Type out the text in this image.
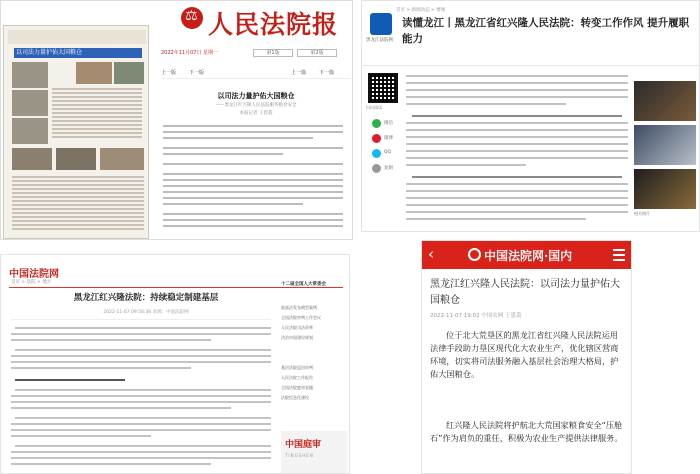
⚖
人民法院报
以司法力量护佑大国粮仓	2022年11月07日 星期一	第1版	第2版
上一版	下一版	上一篇	下一篇
以司法力量护佑大国粮仓
——黑龙江红兴隆人民法院服务粮食安全
本报记者 王恩荔
首页 > 新闻动态 > 要闻
黑龙江法院网
读懂龙江丨黑龙江省红兴隆人民法院：转变工作作风 提升履职能力
扫码阅读
微信
微博
QQ
复制
相关图片
中国法院网
首页 > 法院 > 地方
黑龙江红兴隆法院：持续稳定制建基层
2022-11-07 09:56:38 来源：中国法院网
十二届全国人大常委会
最高法发布典型案例
全国法院审判工作会议
人民法院司法改革
法治中国建设规划
基层法院巡回审判
人民法院工作报告
全国法院庭审直播
法院信息化建设
中国庭审
TINGSHEN
‹	中国法院网·国内
黑龙江红兴隆人民法院：以司法力量护佑大国粮仓
2022-11-07 19:02 中国农网 王恩荔
位于北大荒垦区的黑龙江省红兴隆人民法院运用法律手段助力垦区现代化大农业生产，优化辖区营商环境，切实将司法服务融入基层社会治理大格局，护佑大国粮仓。
红兴隆人民法院将护航北大荒国家粮食安全“压舱石”作为肩负的重任，积极为农业生产提供法律服务。
